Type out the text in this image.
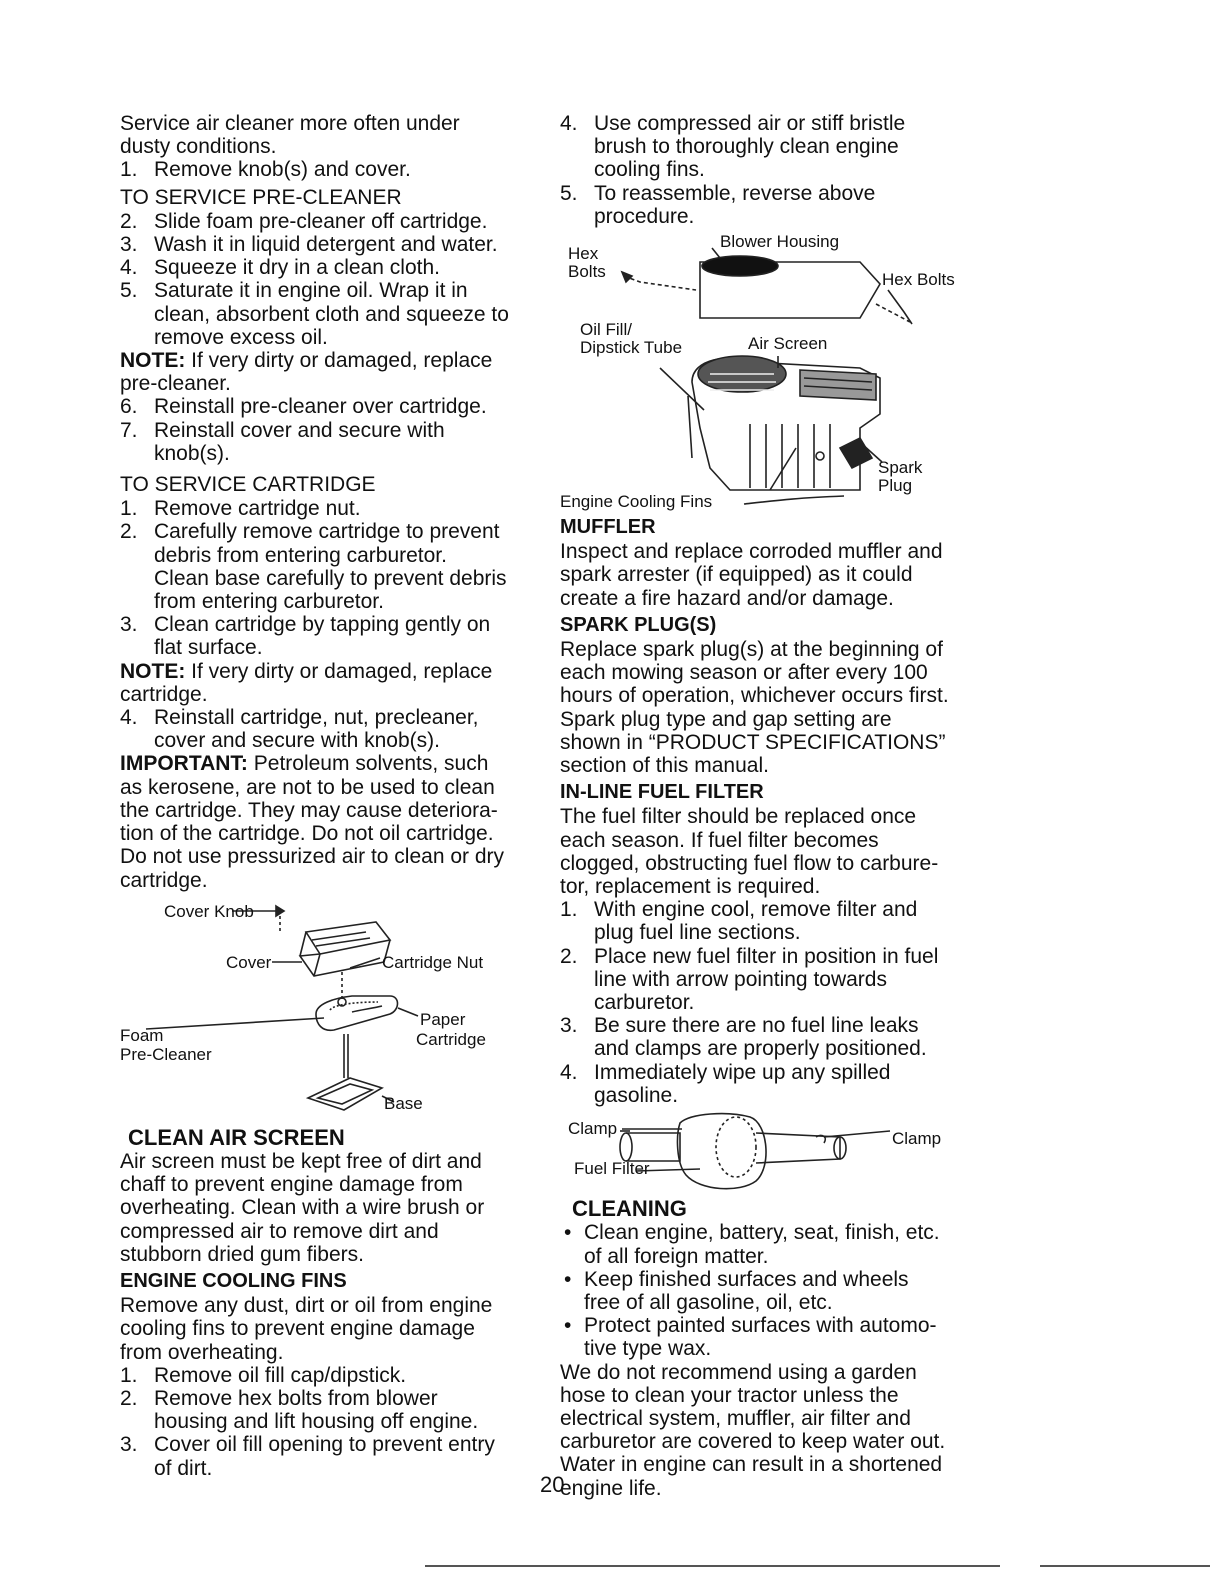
Service air cleaner more often under

dusty conditions.

1. Remove knob(s) and cover.

TO SERVICE PRE-CLEANER

2. Slide foam pre-cleaner off cartridge.
3. Wash it in liquid detergent and water.
4. Squeeze it dry in a clean cloth.
5. Saturate it in engine oil. Wrap it in
clean, absorbent cloth and squeeze to
remove excess oil.

NOTE: If very dirty or damaged, replace
pre-cleaner.

6. Reinstall pre-cleaner over cartridge.
7. Reinstall cover and secure with
knob(s).

TO SERVICE CARTRIDGE

1. Remove cartridge nut.
2. Carefully remove cartridge to prevent
debris from entering carburetor.
Clean base carefully to prevent debris
from entering carburetor.
3. Clean cartridge by tapping gently on
flat surface.

NOTE: If very dirty or damaged, replace
cartridge.

4. Reinstall cartridge, nut, precleaner,
cover and secure with knob(s).

IMPORTANT: Petroleum solvents, such
as kerosene, are not to be used to clean
the cartridge. They may cause deteriora-
tion of the cartridge. Do not oil cartridge.
Do not use pressurized air to clean or dry
cartridge.

Cover Knob
Cover	Cartridge Nut
Paper
Cartridge
Foam
Pre-Cleaner
Base

CLEAN AIR SCREEN

Air screen must be kept free of dirt and
chaff to prevent engine damage from
overheating. Clean with a wire brush or
compressed air to remove dirt and
stubborn dried gum fibers.

ENGINE COOLING FINS

Remove any dust, dirt or oil from engine
cooling fins to prevent engine damage
from overheating.

1. Remove oil fill cap/dipstick.
2. Remove hex bolts from blower
housing and lift housing off engine.
3. Cover oil fill opening to prevent entry
of dirt.
4. Use compressed air or stiff bristle
brush to thoroughly clean engine
cooling fins.
5. To reassemble, reverse above
procedure.
Hex
Bolts
Blower Housing
Hex Bolts
Oil Fill/
Dipstick Tube	Air Screen
Spark
Plug
Engine Cooling Fins

MUFFLER

Inspect and replace corroded muffler and
spark arrester (if equipped) as it could
create a fire hazard and/or damage.

SPARK PLUG(S)

Replace spark plug(s) at the beginning of
each mowing season or after every 100
hours of operation, whichever occurs first.
Spark plug type and gap setting are
shown in “PRODUCT SPECIFICATIONS”
section of this manual.

IN-LINE FUEL FILTER

The fuel filter should be replaced once
each season. If fuel filter becomes
clogged, obstructing fuel flow to carbure-
tor, replacement is required.

1. With engine cool, remove filter and
plug fuel line sections.
2. Place new fuel filter in position in fuel
line with arrow pointing towards
carburetor.
3. Be sure there are no fuel line leaks
and clamps are properly positioned.
4. Immediately wipe up any spilled
gasoline.
Clamp
Clamp
Fuel Filter

CLEANING

• Clean engine, battery, seat, finish, etc.
of all foreign matter.
• Keep finished surfaces and wheels
free of all gasoline, oil, etc.
• Protect painted surfaces with automo-
tive type wax.

We do not recommend using a garden
hose to clean your tractor unless the
electrical system, muffler, air filter and
carburetor are covered to keep water out.
Water in engine can result in a shortened
engine life.

20
